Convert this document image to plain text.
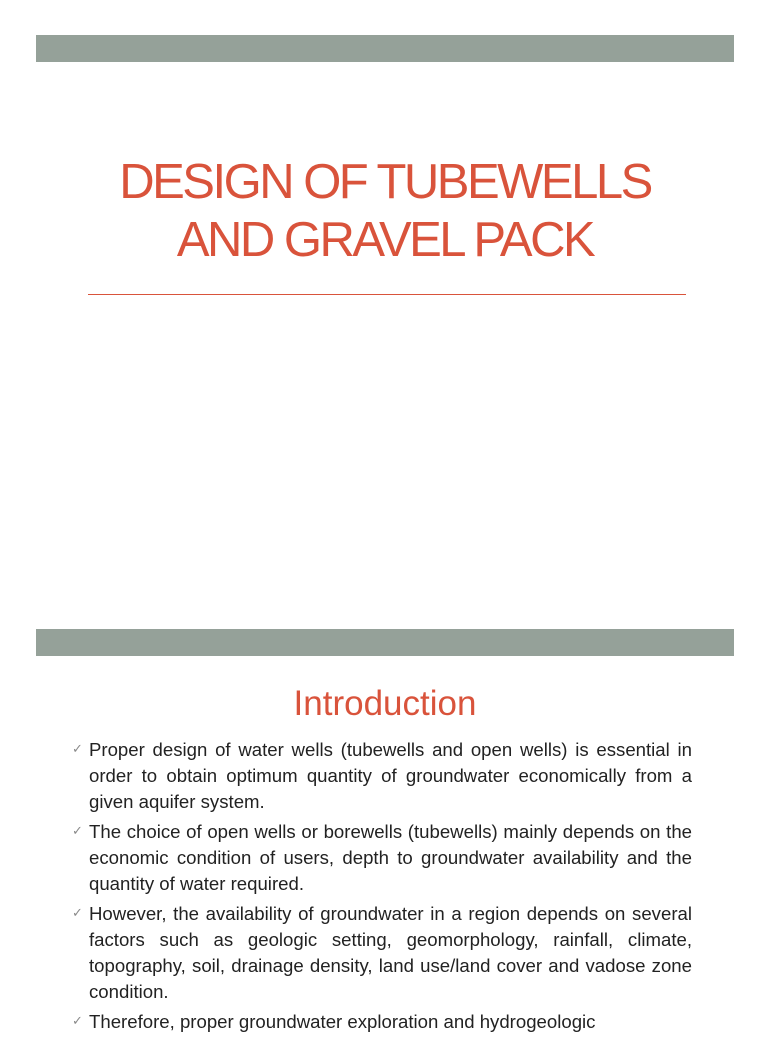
DESIGN OF TUBEWELLS
AND GRAVEL PACK
Introduction
✓ Proper design of water wells (tubewells and open wells) is essential in order to obtain optimum quantity of groundwater economically from a given aquifer system.
✓ The choice of open wells or borewells (tubewells) mainly depends on the economic condition of users, depth to groundwater availability and the quantity of water required.
✓ However, the availability of groundwater in a region depends on several factors such as geologic setting, geomorphology, rainfall, climate, topography, soil, drainage density, land use/land cover and vadose zone condition.
✓ Therefore, proper groundwater exploration and hydrogeologic
